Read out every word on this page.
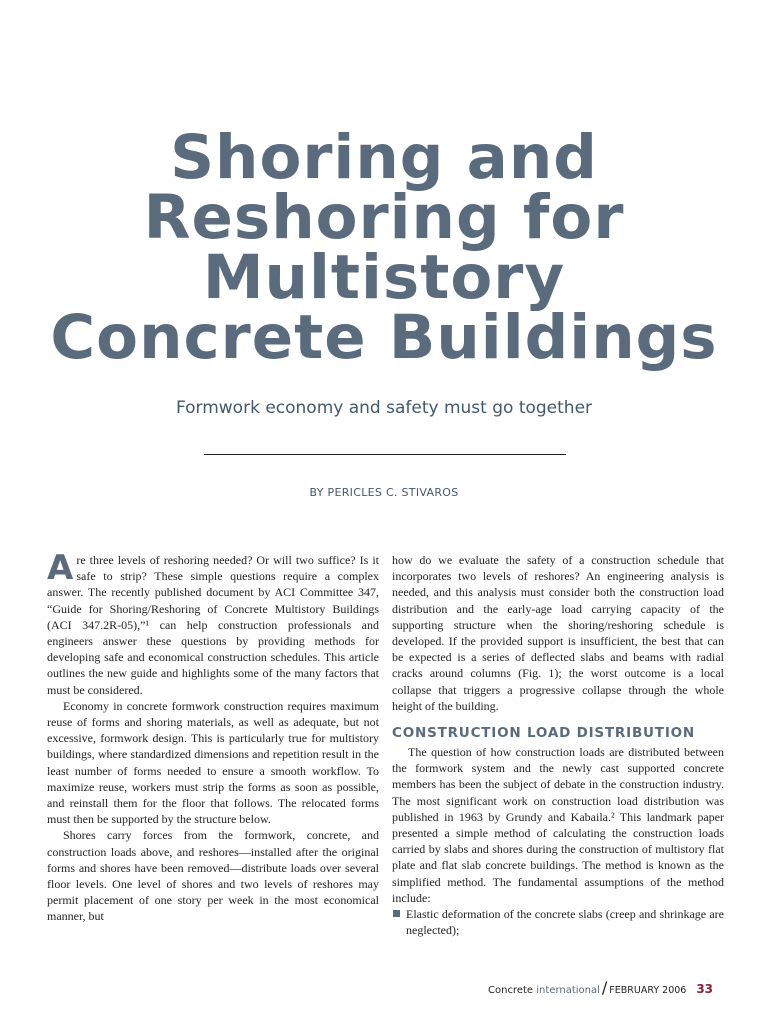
Shoring and
Reshoring for
Multistory
Concrete Buildings
Formwork economy and safety must go together
BY PERICLES C. STIVAROS

Are three levels of reshoring needed? Or will two suffice? Is it safe to strip? These simple questions require a complex answer. The recently published document by ACI Committee 347, “Guide for Shoring/Reshoring of Concrete Multistory Buildings (ACI 347.2R-05),”¹ can help construction professionals and engineers answer these questions by providing methods for developing safe and economical construction schedules. This article outlines the new guide and highlights some of the many factors that must be considered.

Economy in concrete formwork construction requires maximum reuse of forms and shoring materials, as well as adequate, but not excessive, formwork design. This is particularly true for multistory buildings, where standardized dimensions and repetition result in the least number of forms needed to ensure a smooth workflow. To maximize reuse, workers must strip the forms as soon as possible, and reinstall them for the floor that follows. The relocated forms must then be supported by the structure below.

Shores carry forces from the formwork, concrete, and construction loads above, and reshores—installed after the original forms and shores have been removed—distribute loads over several floor levels. One level of shores and two levels of reshores may permit placement of one story per week in the most economical manner, but

how do we evaluate the safety of a construction schedule that incorporates two levels of reshores? An engineering analysis is needed, and this analysis must consider both the construction load distribution and the early-age load carrying capacity of the supporting structure when the shoring/reshoring schedule is developed. If the provided support is insufficient, the best that can be expected is a series of deflected slabs and beams with radial cracks around columns (Fig. 1); the worst outcome is a local collapse that triggers a progressive collapse through the whole height of the building.

CONSTRUCTION LOAD DISTRIBUTION

The question of how construction loads are distributed between the formwork system and the newly cast supported concrete members has been the subject of debate in the construction industry. The most significant work on construction load distribution was published in 1963 by Grundy and Kabaila.² This landmark paper presented a simple method of calculating the construction loads carried by slabs and shores during the construction of multistory flat plate and flat slab concrete buildings. The method is known as the simplified method. The fundamental assumptions of the method include:

Elastic deformation of the concrete slabs (creep and shrinkage are neglected);

Concrete international / FEBRUARY 2006 33
